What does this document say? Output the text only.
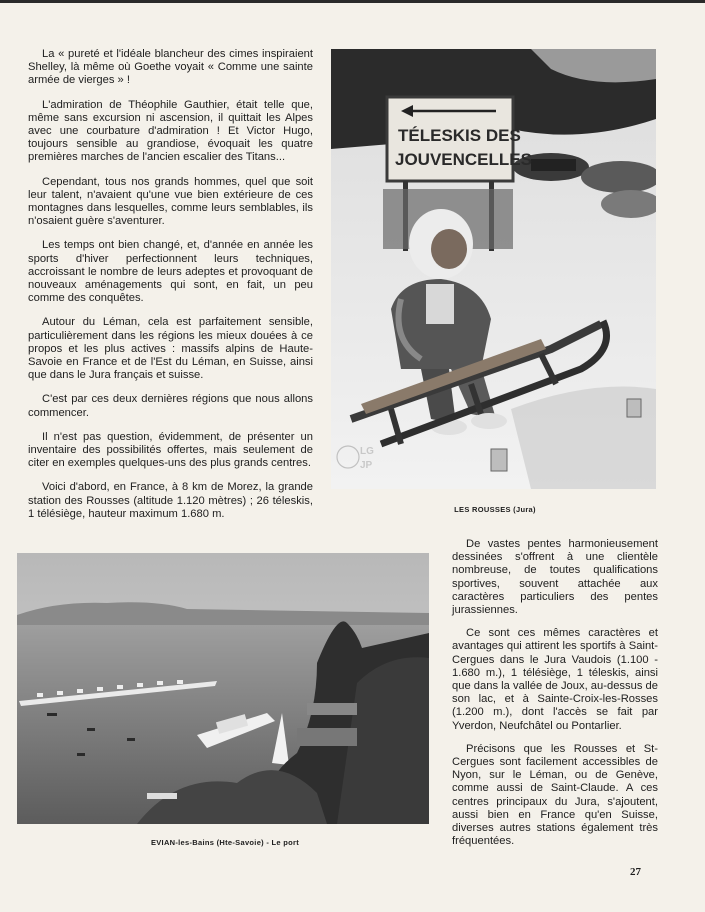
La « pureté et l'idéale blancheur des cimes inspiraient Shelley, là même où Goethe voyait « Comme une sainte armée de vierges » !

L'admiration de Théophile Gauthier, était telle que, même sans excursion ni ascension, il quittait les Alpes avec une courbature d'admiration ! Et Victor Hugo, toujours sensible au grandiose, évoquait les quatre premières marches de l'ancien escalier des Titans...

Cependant, tous nos grands hommes, quel que soit leur talent, n'avaient qu'une vue bien extérieure de ces montagnes dans lesquelles, comme leurs semblables, ils n'osaient guère s'aventurer.

Les temps ont bien changé, et, d'année en année les sports d'hiver perfectionnent leurs techniques, accroissant le nombre de leurs adeptes et provoquant de nouveaux aménagements qui sont, en fait, un peu comme des conquêtes.

Autour du Léman, cela est parfaitement sensible, particulièrement dans les régions les mieux douées à ce propos et les plus actives : massifs alpins de Haute-Savoie en France et de l'Est du Léman, en Suisse, ainsi que dans le Jura français et suisse.

C'est par ces deux dernières régions que nous allons commencer.

Il n'est pas question, évidemment, de présenter un inventaire des possibilités offertes, mais seulement de citer en exemples quelques-uns des plus grands centres.

Voici d'abord, en France, à 8 km de Morez, la grande station des Rousses (altitude 1.120 mètres) ; 26 téleskis, 1 télésiège, hauteur maximum 1.680 m.

TÉLESKIS DES
JOUVENCELLES
LG
JP
LES ROUSSES (Jura)
EVIAN-les-Bains (Hte-Savoie) - Le port

De vastes pentes harmonieusement dessinées s'offrent à une clientèle nombreuse, de toutes qualifications sportives, souvent attachée aux caractères particuliers des pentes jurassiennes.

Ce sont ces mêmes caractères et avantages qui attirent les sportifs à Saint-Cergues dans le Jura Vaudois (1.100 - 1.680 m.), 1 télésiège, 1 téleskis, ainsi que dans la vallée de Joux, au-dessus de son lac, et à Sainte-Croix-les-Rosses (1.200 m.), dont l'accès se fait par Yverdon, Neufchâtel ou Pontarlier.

Précisons que les Rousses et St-Cergues sont facilement accessibles de Nyon, sur le Léman, ou de Genève, comme aussi de Saint-Claude. A ces centres principaux du Jura, s'ajoutent, aussi bien en France qu'en Suisse, diverses autres stations également très fréquentées.

27
